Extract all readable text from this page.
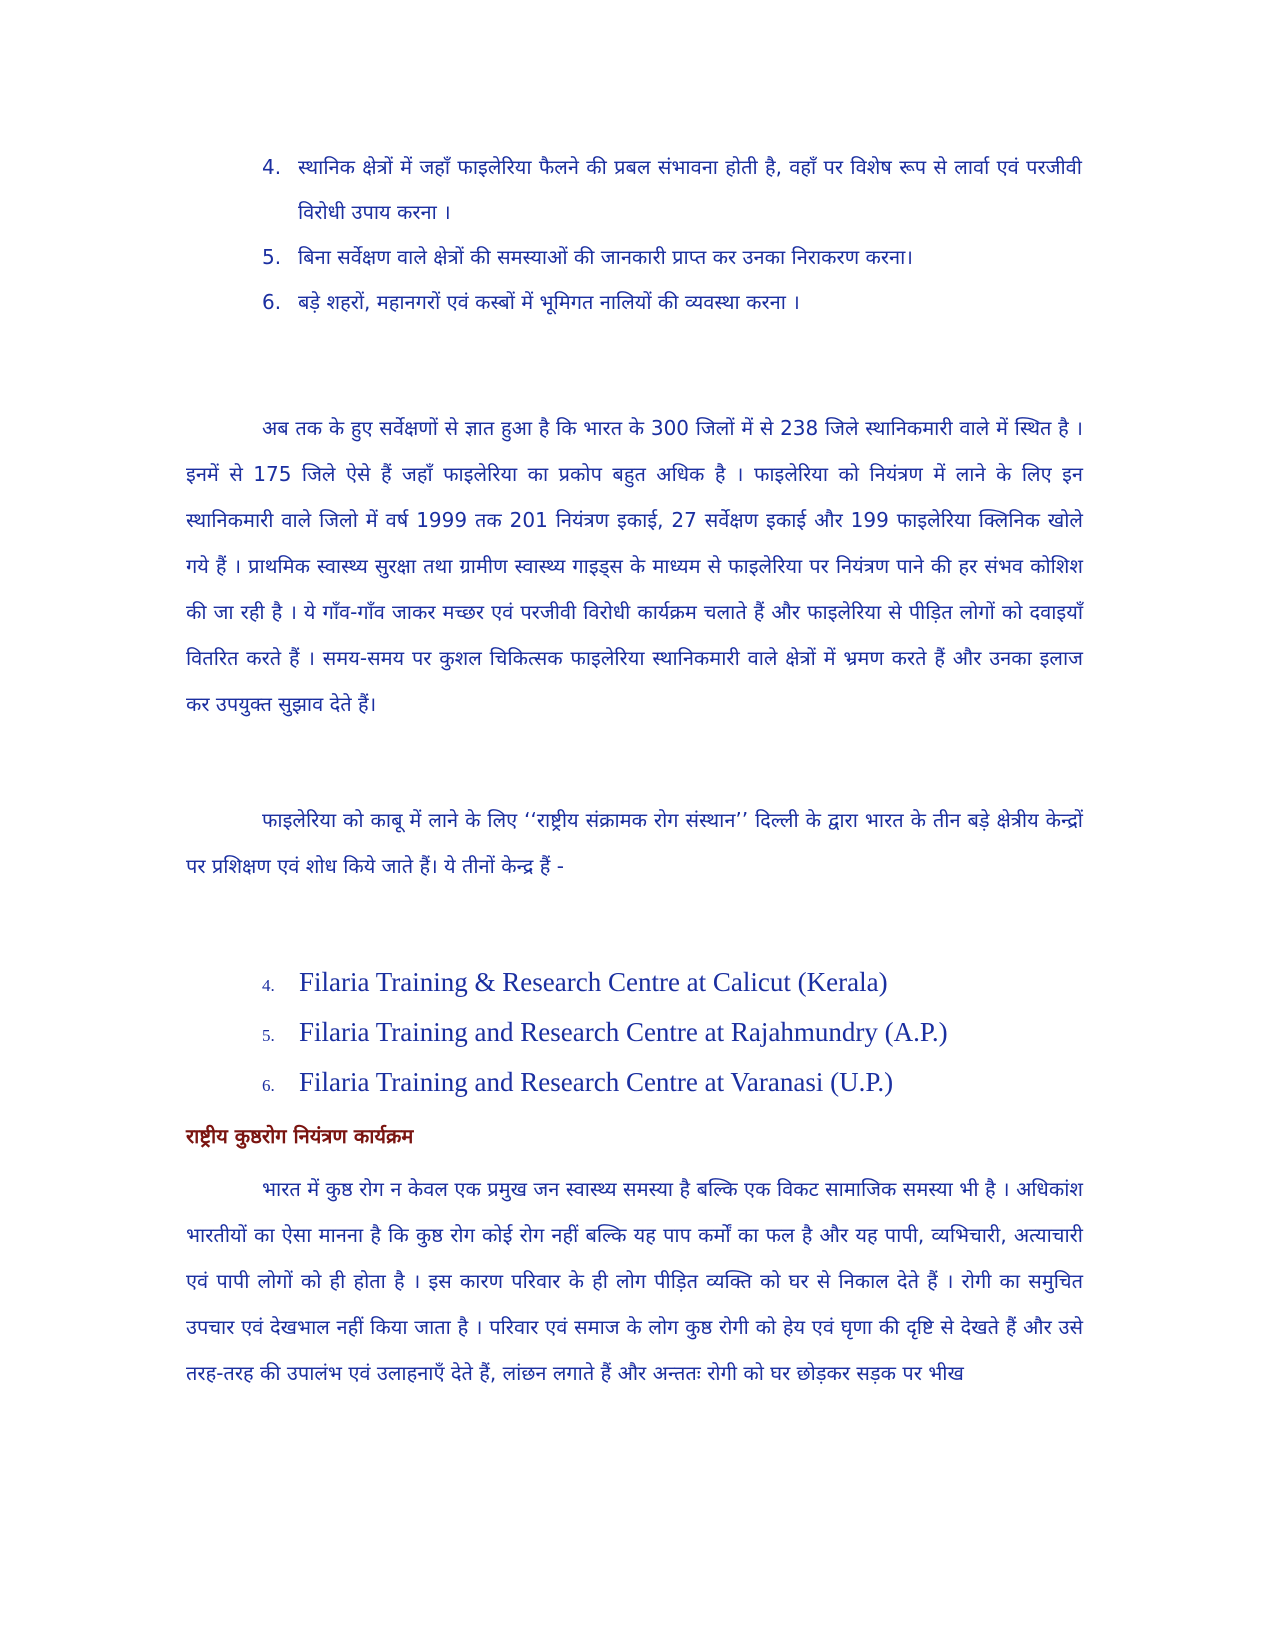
4. स्थानिक क्षेत्रों में जहाँ फाइलेरिया फैलने की प्रबल संभावना होती है, वहाँ पर विशेष रूप से लार्वा एवं परजीवी विरोधी उपाय करना ।
5. बिना सर्वेक्षण वाले क्षेत्रों की समस्याओं की जानकारी प्राप्त कर उनका निराकरण करना।
6. बड़े शहरों, महानगरों एवं कस्बों में भूमिगत नालियों की व्यवस्था करना ।

अब तक के हुए सर्वेक्षणों से ज्ञात हुआ है कि भारत के 300 जिलों में से 238 जिले स्थानिकमारी वाले में स्थित है । इनमें से 175 जिले ऐसे हैं जहाँ फाइलेरिया का प्रकोप बहुत अधिक है । फाइलेरिया को नियंत्रण में लाने के लिए इन स्थानिकमारी वाले जिलो में वर्ष 1999 तक 201 नियंत्रण इकाई, 27 सर्वेक्षण इकाई और 199 फाइलेरिया क्लिनिक खोले गये हैं । प्राथमिक स्वास्थ्य सुरक्षा तथा ग्रामीण स्वास्थ्य गाइड्स के माध्यम से फाइलेरिया पर नियंत्रण पाने की हर संभव कोशिश की जा रही है । ये गाँव-गाँव जाकर मच्छर एवं परजीवी विरोधी कार्यक्रम चलाते हैं और फाइलेरिया से पीड़ित लोगों को दवाइयाँ वितरित करते हैं । समय-समय पर कुशल चिकित्सक फाइलेरिया स्थानिकमारी वाले क्षेत्रों में भ्रमण करते हैं और उनका इलाज कर उपयुक्त सुझाव देते हैं।

फाइलेरिया को काबू में लाने के लिए ‘‘राष्ट्रीय संक्रामक रोग संस्थान’’ दिल्ली के द्वारा भारत के तीन बड़े क्षेत्रीय केन्द्रों पर प्रशिक्षण एवं शोध किये जाते हैं। ये तीनों केन्द्र हैं -

4. Filaria Training & Research Centre at Calicut (Kerala)
5. Filaria Training and Research Centre at Rajahmundry (A.P.)
6. Filaria Training and Research Centre at Varanasi (U.P.)
राष्ट्रीय कुष्ठरोग नियंत्रण कार्यक्रम

भारत में कुष्ठ रोग न केवल एक प्रमुख जन स्वास्थ्य समस्या है बल्कि एक विकट सामाजिक समस्या भी है । अधिकांश भारतीयों का ऐसा मानना है कि कुष्ठ रोग कोई रोग नहीं बल्कि यह पाप कर्मों का फल है और यह पापी, व्यभिचारी, अत्याचारी एवं पापी लोगों को ही होता है । इस कारण परिवार के ही लोग पीड़ित व्यक्ति को घर से निकाल देते हैं । रोगी का समुचित उपचार एवं देखभाल नहीं किया जाता है । परिवार एवं समाज के लोग कुष्ठ रोगी को हेय एवं घृणा की दृष्टि से देखते हैं और उसे तरह-तरह की उपालंभ एवं उलाहनाएँ देते हैं, लांछन लगाते हैं और अन्ततः रोगी को घर छोड़कर सड़क पर भीख
